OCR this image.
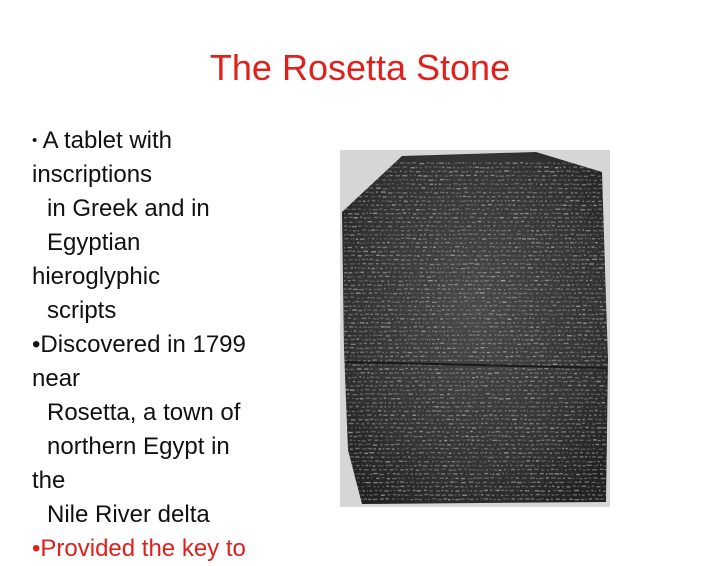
The Rosetta Stone
• A tablet with
inscriptions
in Greek and in
Egyptian
hieroglyphic
scripts
•Discovered in 1799
near
Rosetta, a town of
northern Egypt in
the
Nile River delta
•Provided the key to
